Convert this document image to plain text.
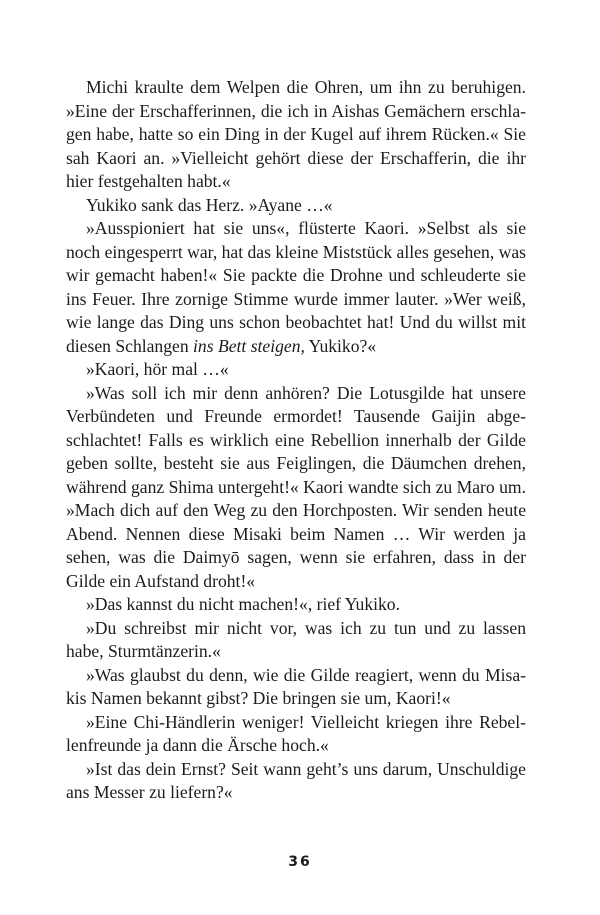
Michi kraulte dem Welpen die Ohren, um ihn zu beruhigen. »Eine der Erschafferinnen, die ich in Aishas Gemächern erschlagen habe, hatte so ein Ding in der Kugel auf ihrem Rücken.« Sie sah Kaori an. »Vielleicht gehört diese der Erschafferin, die ihr hier festgehalten habt.«

Yukiko sank das Herz. »Ayane …«

»Ausspioniert hat sie uns«, flüsterte Kaori. »Selbst als sie noch eingesperrt war, hat das kleine Miststück alles gesehen, was wir gemacht haben!« Sie packte die Drohne und schleuderte sie ins Feuer. Ihre zornige Stimme wurde immer lauter. »Wer weiß, wie lange das Ding uns schon beobachtet hat! Und du willst mit diesen Schlangen ins Bett steigen, Yukiko?«

»Kaori, hör mal …«

»Was soll ich mir denn anhören? Die Lotusgilde hat unsere Verbündeten und Freunde ermordet! Tausende Gaijin abgeschlachtet! Falls es wirklich eine Rebellion innerhalb der Gilde geben sollte, besteht sie aus Feiglingen, die Däumchen drehen, während ganz Shima untergeht!« Kaori wandte sich zu Maro um. »Mach dich auf den Weg zu den Horchposten. Wir senden heute Abend. Nennen diese Misaki beim Namen … Wir werden ja sehen, was die Daimyō sagen, wenn sie erfahren, dass in der Gilde ein Aufstand droht!«

»Das kannst du nicht machen!«, rief Yukiko.

»Du schreibst mir nicht vor, was ich zu tun und zu lassen habe, Sturmtänzerin.«

»Was glaubst du denn, wie die Gilde reagiert, wenn du Misakis Namen bekannt gibst? Die bringen sie um, Kaori!«

»Eine Chi-Händlerin weniger! Vielleicht kriegen ihre Rebellenfreunde ja dann die Ärsche hoch.«

»Ist das dein Ernst? Seit wann geht’s uns darum, Unschuldige ans Messer zu liefern?«

36
